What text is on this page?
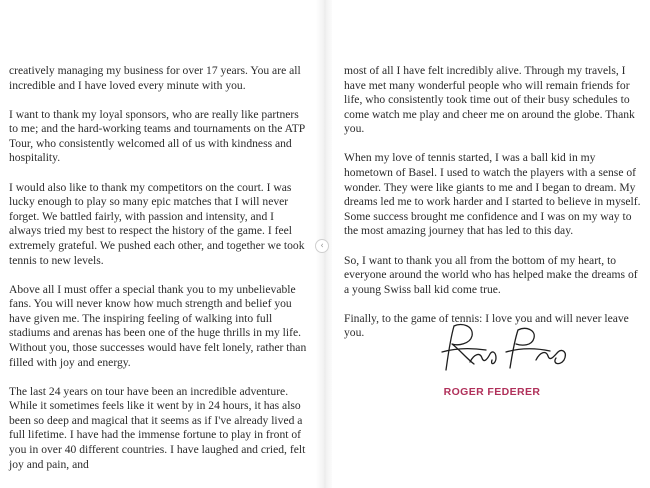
creatively managing my business for over 17 years. You are all incredible and I have loved every minute with you.

I want to thank my loyal sponsors, who are really like partners to me; and the hard-working teams and tournaments on the ATP Tour, who consistently welcomed all of us with kindness and hospitality.

I would also like to thank my competitors on the court. I was lucky enough to play so many epic matches that I will never forget. We battled fairly, with passion and intensity, and I always tried my best to respect the history of the game. I feel extremely grateful. We pushed each other, and together we took tennis to new levels.

Above all I must offer a special thank you to my unbelievable fans. You will never know how much strength and belief you have given me. The inspiring feeling of walking into full stadiums and arenas has been one of the huge thrills in my life. Without you, those successes would have felt lonely, rather than filled with joy and energy.

The last 24 years on tour have been an incredible adventure. While it sometimes feels like it went by in 24 hours, it has also been so deep and magical that it seems as if I've already lived a full lifetime. I have had the immense fortune to play in front of you in over 40 different countries. I have laughed and cried, felt joy and pain, and

most of all I have felt incredibly alive. Through my travels, I have met many wonderful people who will remain friends for life, who consistently took time out of their busy schedules to come watch me play and cheer me on around the globe. Thank you.

When my love of tennis started, I was a ball kid in my hometown of Basel. I used to watch the players with a sense of wonder. They were like giants to me and I began to dream. My dreams led me to work harder and I started to believe in myself. Some success brought me confidence and I was on my way to the most amazing journey that has led to this day.

So, I want to thank you all from the bottom of my heart, to everyone around the world who has helped make the dreams of a young Swiss ball kid come true.

Finally, to the game of tennis: I love you and will never leave you.

‹
ROGER FEDERER
